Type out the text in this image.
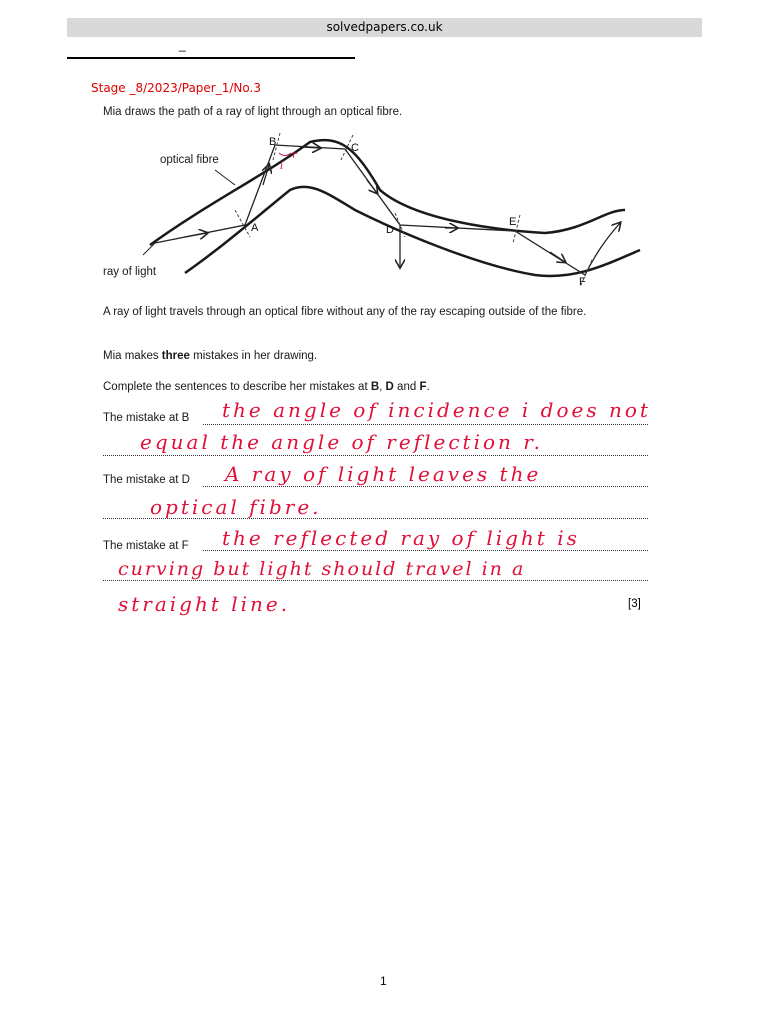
solvedpapers.co.uk
_
Stage _8/2023/Paper_1/No.3
Mia draws the path of a ray of light through an optical fibre.
optical fibre
ray of light
A
B	C
D
E
F
i
r
A ray of light travels through an optical fibre without any of the ray escaping outside of the fibre.
Mia makes three mistakes in her drawing.
Complete the sentences to describe her mistakes at B, D and F.
The mistake at B the angle of incidence i does not
equal the angle of reflection r.
The mistake at D A ray of light leaves the
optical fibre.
The mistake at F the reflected ray of light is
curving but light should travel in a
straight line.	[3]
1
